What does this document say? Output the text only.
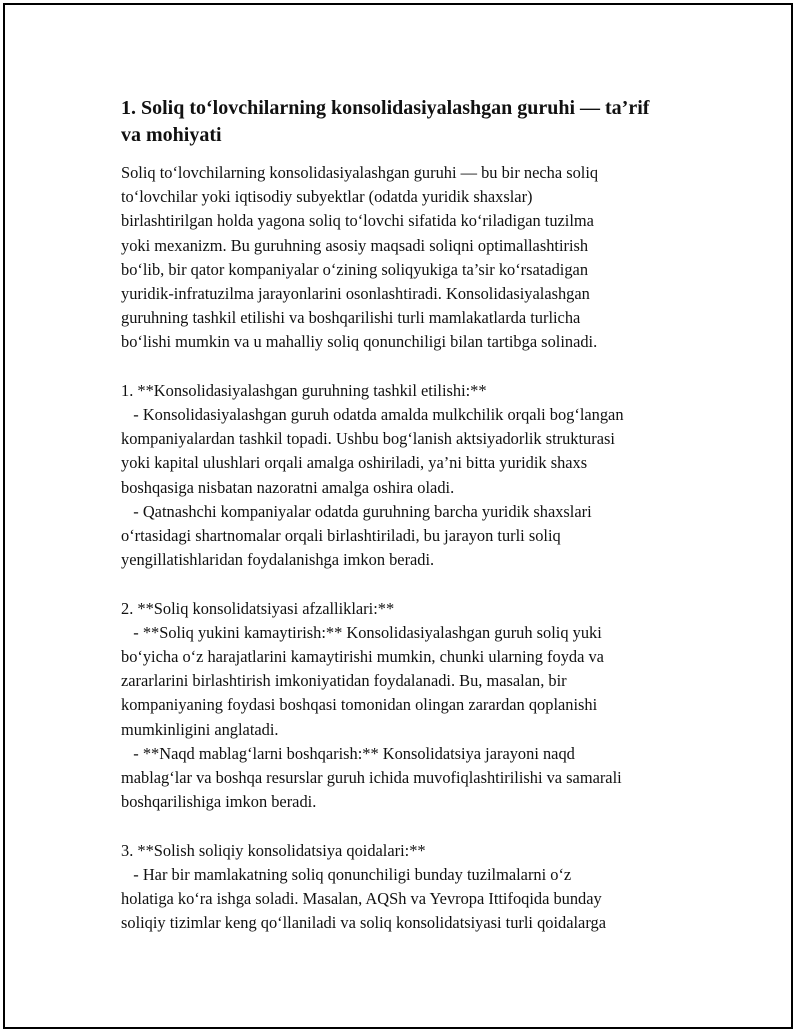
1. Soliq to‘lovchilarning konsolidasiyalashgan guruhi — ta’rif
va mohiyati
Soliq to‘lovchilarning konsolidasiyalashgan guruhi — bu bir necha soliq
to‘lovchilar yoki iqtisodiy subyektlar (odatda yuridik shaxslar)
birlashtirilgan holda yagona soliq to‘lovchi sifatida ko‘riladigan tuzilma
yoki mexanizm. Bu guruhning asosiy maqsadi soliqni optimallashtirish
bo‘lib, bir qator kompaniyalar o‘zining soliqyukiga ta’sir ko‘rsatadigan
yuridik-infratuzilma jarayonlarini osonlashtiradi. Konsolidasiyalashgan
guruhning tashkil etilishi va boshqarilishi turli mamlakatlarda turlicha
bo‘lishi mumkin va u mahalliy soliq qonunchiligi bilan tartibga solinadi.
1. **Konsolidasiyalashgan guruhning tashkil etilishi:**
- Konsolidasiyalashgan guruh odatda amalda mulkchilik orqali bog‘langan
kompaniyalardan tashkil topadi. Ushbu bog‘lanish aktsiyadorlik strukturasi
yoki kapital ulushlari orqali amalga oshiriladi, ya’ni bitta yuridik shaxs
boshqasiga nisbatan nazoratni amalga oshira oladi.
- Qatnashchi kompaniyalar odatda guruhning barcha yuridik shaxslari
o‘rtasidagi shartnomalar orqali birlashtiriladi, bu jarayon turli soliq
yengillatishlaridan foydalanishga imkon beradi.
2. **Soliq konsolidatsiyasi afzalliklari:**
- **Soliq yukini kamaytirish:** Konsolidasiyalashgan guruh soliq yuki
bo‘yicha o‘z harajatlarini kamaytirishi mumkin, chunki ularning foyda va
zararlarini birlashtirish imkoniyatidan foydalanadi. Bu, masalan, bir
kompaniyaning foydasi boshqasi tomonidan olingan zarardan qoplanishi
mumkinligini anglatadi.
- **Naqd mablag‘larni boshqarish:** Konsolidatsiya jarayoni naqd
mablag‘lar va boshqa resurslar guruh ichida muvofiqlashtirilishi va samarali
boshqarilishiga imkon beradi.
3. **Solish soliqiy konsolidatsiya qoidalari:**
- Har bir mamlakatning soliq qonunchiligi bunday tuzilmalarni o‘z
holatiga ko‘ra ishga soladi. Masalan, AQSh va Yevropa Ittifoqida bunday
soliqiy tizimlar keng qo‘llaniladi va soliq konsolidatsiyasi turli qoidalarga
